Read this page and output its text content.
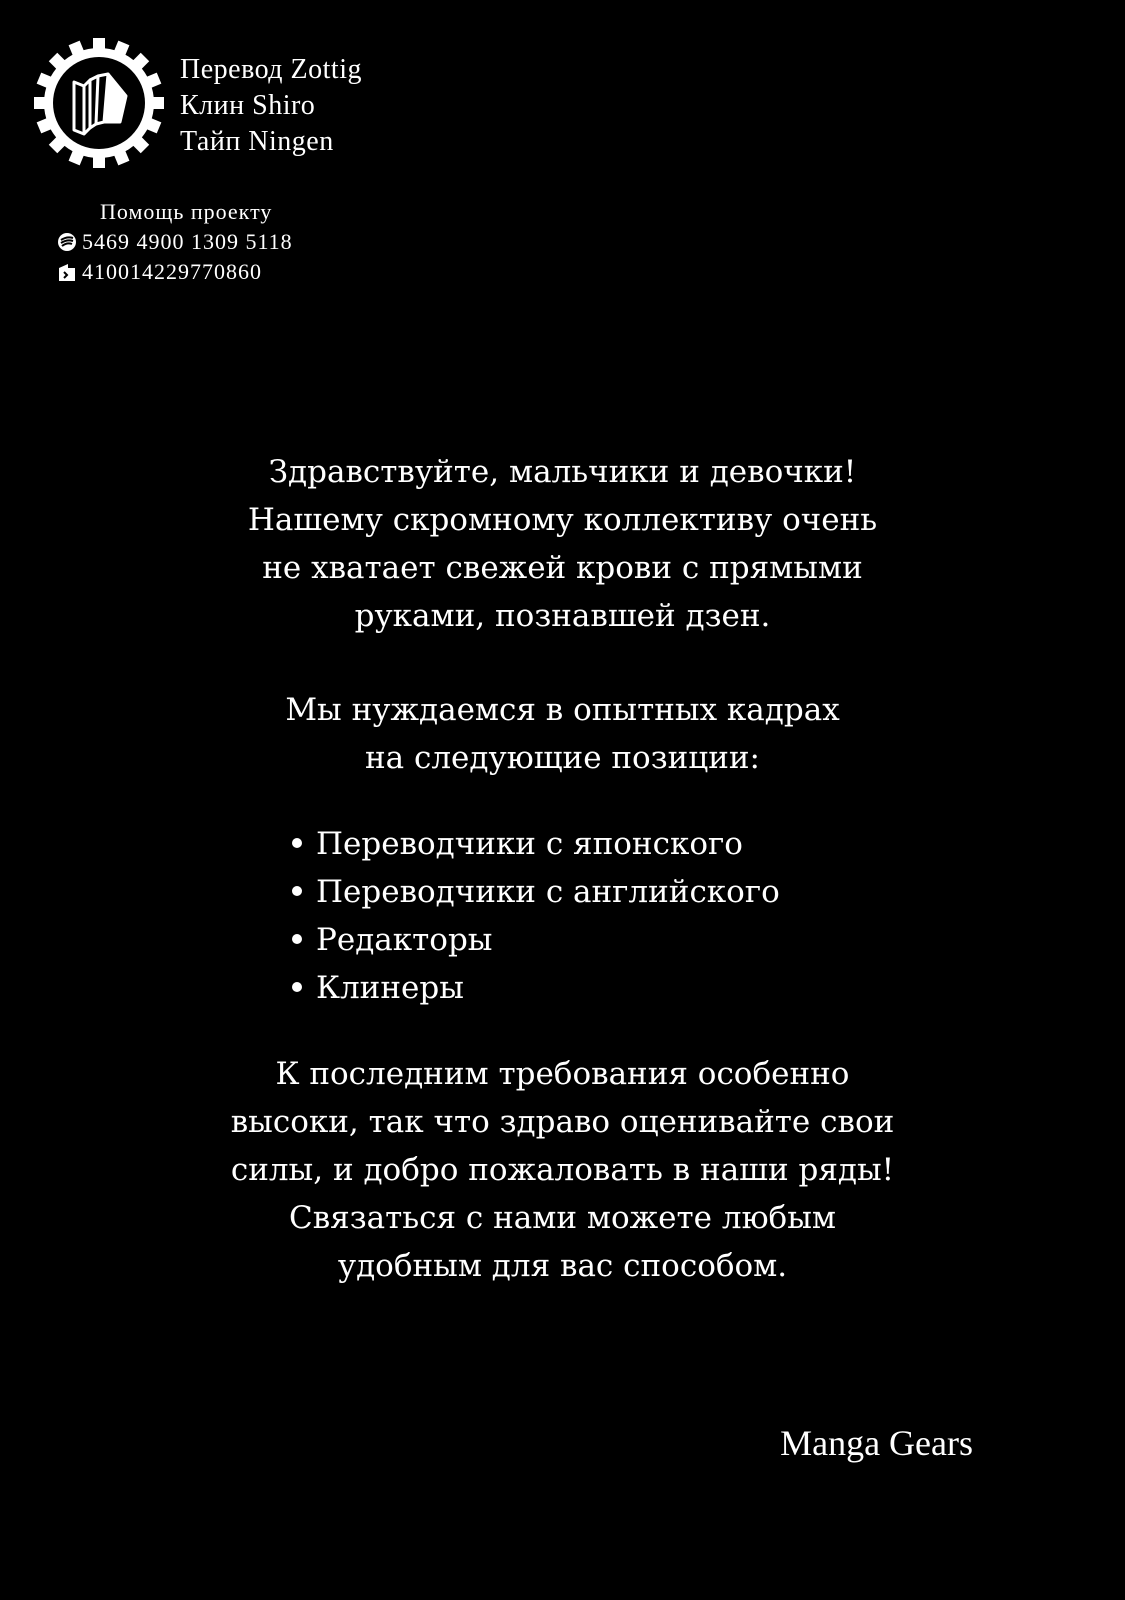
Перевод Zottig
Клин Shiro
Тайп Ningen
Помощь проекту
5469 4900 1309 5118
410014229770860

Здравствуйте, мальчики и девочки!
Нашему скромному коллективу очень
не хватает свежей крови с прямыми
руками, познавшей дзен.

Мы нуждаемся в опытных кадрах
на следующие позиции:

Переводчики с японского
Переводчики с английского
Редакторы
Клинеры

К последним требования особенно
высоки, так что здраво оценивайте свои
силы, и добро пожаловать в наши ряды!
Связаться с нами можете любым
удобным для вас способом.

Manga Gears
